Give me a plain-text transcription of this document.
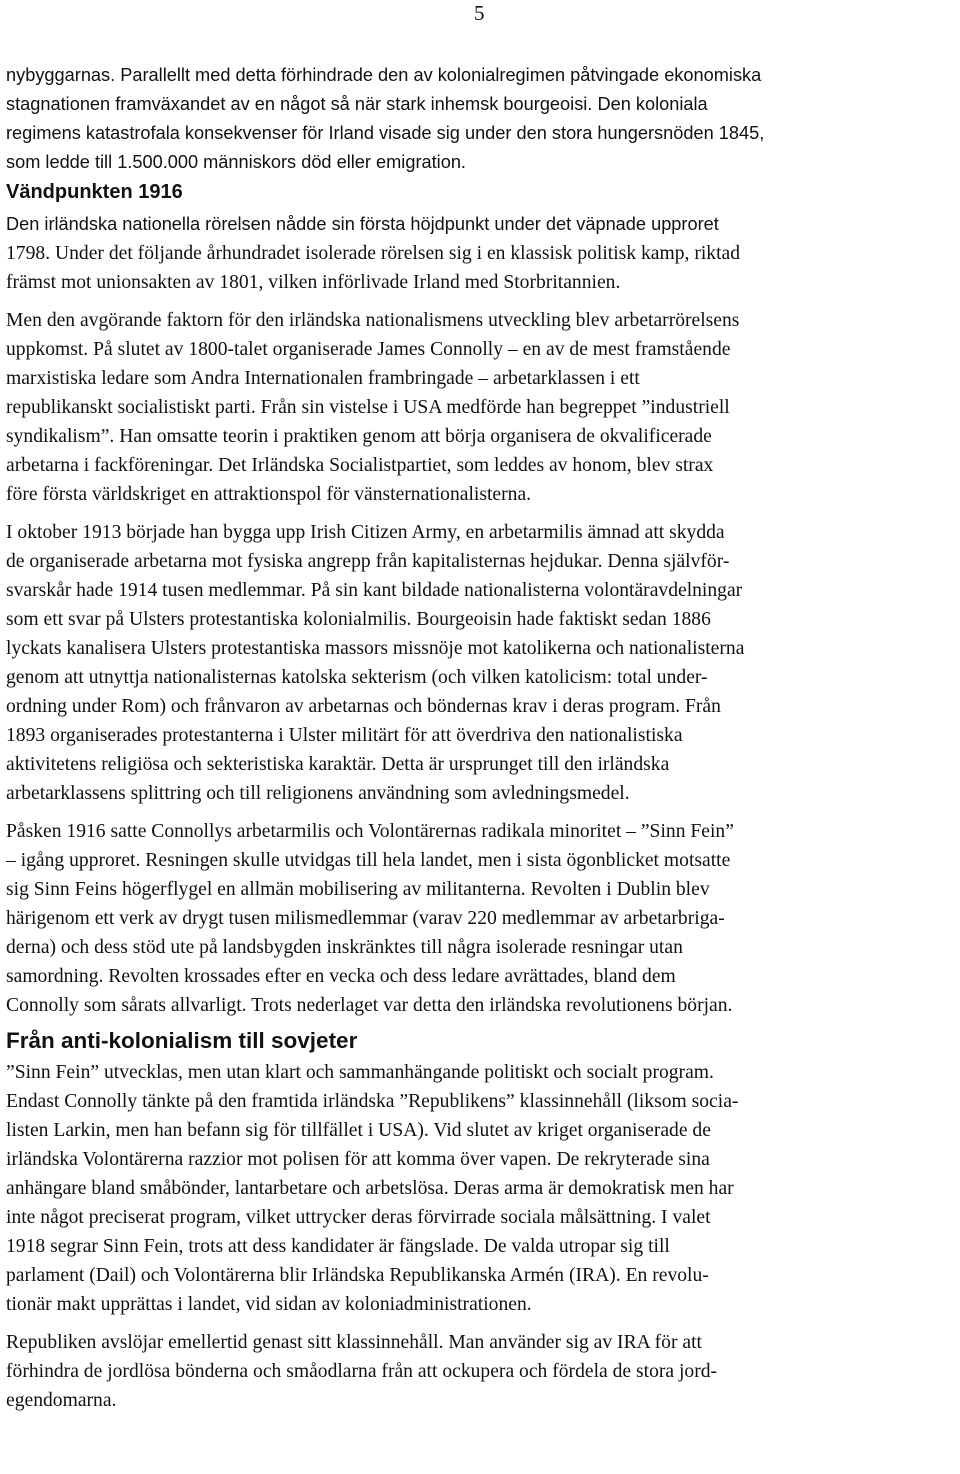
5

nybyggarnas. Parallellt med detta förhindrade den av kolonialregimen påtvingade ekonomiska
stagnationen framväxandet av en något så när stark inhemsk bourgeoisi. Den koloniala
regimens katastrofala konsekvenser för Irland visade sig under den stora hungersnöden 1845,
som ledde till 1.500.000 människors död eller emigration.

Vändpunkten 1916

Den irländska nationella rörelsen nådde sin första höjdpunkt under det väpnade upproret
1798. Under det följande århundradet isolerade rörelsen sig i en klassisk politisk kamp, riktad
främst mot unionsakten av 1801, vilken införlivade Irland med Storbritannien.

Men den avgörande faktorn för den irländska nationalismens utveckling blev arbetarrörelsens
uppkomst. På slutet av 1800-talet organiserade James Connolly – en av de mest framstående
marxistiska ledare som Andra Internationalen frambringade – arbetarklassen i ett
republikanskt socialistiskt parti. Från sin vistelse i USA medförde han begreppet ”industriell
syndikalism”. Han omsatte teorin i praktiken genom att börja organisera de okvalificerade
arbetarna i fackföreningar. Det Irländska Socialistpartiet, som leddes av honom, blev strax
före första världskriget en attraktionspol för vänsternationalisterna.

I oktober 1913 började han bygga upp Irish Citizen Army, en arbetarmilis ämnad att skydda
de organiserade arbetarna mot fysiska angrepp från kapitalisternas hejdukar. Denna självför-
svarskår hade 1914 tusen medlemmar. På sin kant bildade nationalisterna volontäravdelningar
som ett svar på Ulsters protestantiska kolonialmilis. Bourgeoisin hade faktiskt sedan 1886
lyckats kanalisera Ulsters protestantiska massors missnöje mot katolikerna och nationalisterna
genom att utnyttja nationalisternas katolska sekterism (och vilken katolicism: total under-
ordning under Rom) och frånvaron av arbetarnas och böndernas krav i deras program. Från
1893 organiserades protestanterna i Ulster militärt för att överdriva den nationalistiska
aktivitetens religiösa och sekteristiska karaktär. Detta är ursprunget till den irländska
arbetarklassens splittring och till religionens användning som avledningsmedel.

Påsken 1916 satte Connollys arbetarmilis och Volontärernas radikala minoritet – ”Sinn Fein”
– igång upproret. Resningen skulle utvidgas till hela landet, men i sista ögonblicket motsatte
sig Sinn Feins högerflygel en allmän mobilisering av militanterna. Revolten i Dublin blev
härigenom ett verk av drygt tusen milismedlemmar (varav 220 medlemmar av arbetarbriga-
derna) och dess stöd ute på landsbygden inskränktes till några isolerade resningar utan
samordning. Revolten krossades efter en vecka och dess ledare avrättades, bland dem
Connolly som sårats allvarligt. Trots nederlaget var detta den irländska revolutionens början.

Från anti-kolonialism till sovjeter

”Sinn Fein” utvecklas, men utan klart och sammanhängande politiskt och socialt program.
Endast Connolly tänkte på den framtida irländska ”Republikens” klassinnehåll (liksom socia-
listen Larkin, men han befann sig för tillfället i USA). Vid slutet av kriget organiserade de
irländska Volontärerna razzior mot polisen för att komma över vapen. De rekryterade sina
anhängare bland småbönder, lantarbetare och arbetslösa. Deras arma är demokratisk men har
inte något preciserat program, vilket uttrycker deras förvirrade sociala målsättning. I valet
1918 segrar Sinn Fein, trots att dess kandidater är fängslade. De valda utropar sig till
parlament (Dail) och Volontärerna blir Irländska Republikanska Armén (IRA). En revolu-
tionär makt upprättas i landet, vid sidan av koloniadministrationen.

Republiken avslöjar emellertid genast sitt klassinnehåll. Man använder sig av IRA för att
förhindra de jordlösa bönderna och småodlarna från att ockupera och fördela de stora jord-
egendomarna.
